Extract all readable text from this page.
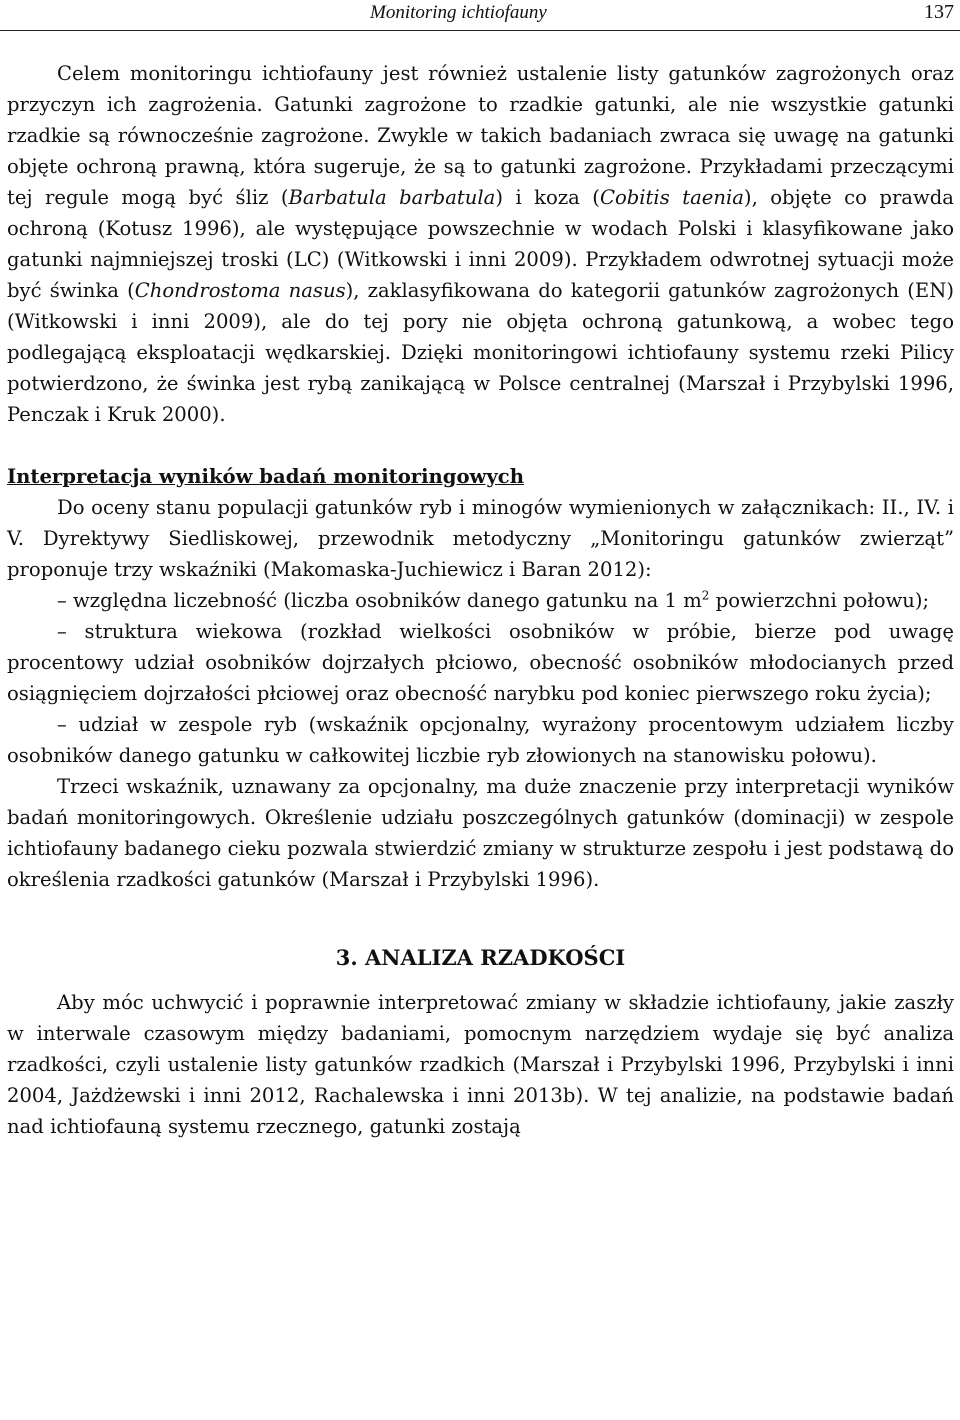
Monitoring ichtiofauny	137

Celem monitoringu ichtiofauny jest również ustalenie listy gatunków zagrożonych oraz przyczyn ich zagrożenia. Gatunki zagrożone to rzadkie gatunki, ale nie wszystkie gatunki rzadkie są równocześnie zagrożone. Zwykle w takich badaniach zwraca się uwagę na gatunki objęte ochroną prawną, która sugeruje, że są to gatunki zagrożone. Przykładami przeczącymi tej regule mogą być śliz (Barbatula barbatula) i koza (Cobitis taenia), objęte co prawda ochroną (Kotusz 1996), ale występujące powszechnie w wodach Polski i klasyfikowane jako gatunki najmniejszej troski (LC) (Witkowski i inni 2009). Przykładem odwrotnej sytuacji może być świnka (Chondrostoma nasus), zaklasyfikowana do kategorii gatunków zagrożonych (EN) (Witkowski i inni 2009), ale do tej pory nie objęta ochroną gatunkową, a wobec tego podlegającą eksploatacji wędkarskiej. Dzięki monitoringowi ichtiofauny systemu rzeki Pilicy potwierdzono, że świnka jest rybą zanikającą w Polsce centralnej (Marszał i Przybylski 1996, Penczak i Kruk 2000).

Interpretacja wyników badań monitoringowych

Do oceny stanu populacji gatunków ryb i minogów wymienionych w załącznikach: II., IV. i V. Dyrektywy Siedliskowej, przewodnik metodyczny „Monitoringu gatunków zwierząt” proponuje trzy wskaźniki (Makomaska-Juchiewicz i Baran 2012):

– względna liczebność (liczba osobników danego gatunku na 1 $m^2$ powierzchni połowu);

– struktura wiekowa (rozkład wielkości osobników w próbie, bierze pod uwagę procentowy udział osobników dojrzałych płciowo, obecność osobników młodocianych przed osiągnięciem dojrzałości płciowej oraz obecność narybku pod koniec pierwszego roku życia);

– udział w zespole ryb (wskaźnik opcjonalny, wyrażony procentowym udziałem liczby osobników danego gatunku w całkowitej liczbie ryb złowionych na stanowisku połowu).

Trzeci wskaźnik, uznawany za opcjonalny, ma duże znaczenie przy interpretacji wyników badań monitoringowych. Określenie udziału poszczególnych gatunków (dominacji) w zespole ichtiofauny badanego cieku pozwala stwierdzić zmiany w strukturze zespołu i jest podstawą do określenia rzadkości gatunków (Marszał i Przybylski 1996).

3. ANALIZA RZADKOŚCI

Aby móc uchwycić i poprawnie interpretować zmiany w składzie ichtiofauny, jakie zaszły w interwale czasowym między badaniami, pomocnym narzędziem wydaje się być analiza rzadkości, czyli ustalenie listy gatunków rzadkich (Marszał i Przybylski 1996, Przybylski i inni 2004, Jażdżewski i inni 2012, Rachalewska i inni 2013b). W tej analizie, na podstawie badań nad ichtiofauną systemu rzecznego, gatunki zostają
